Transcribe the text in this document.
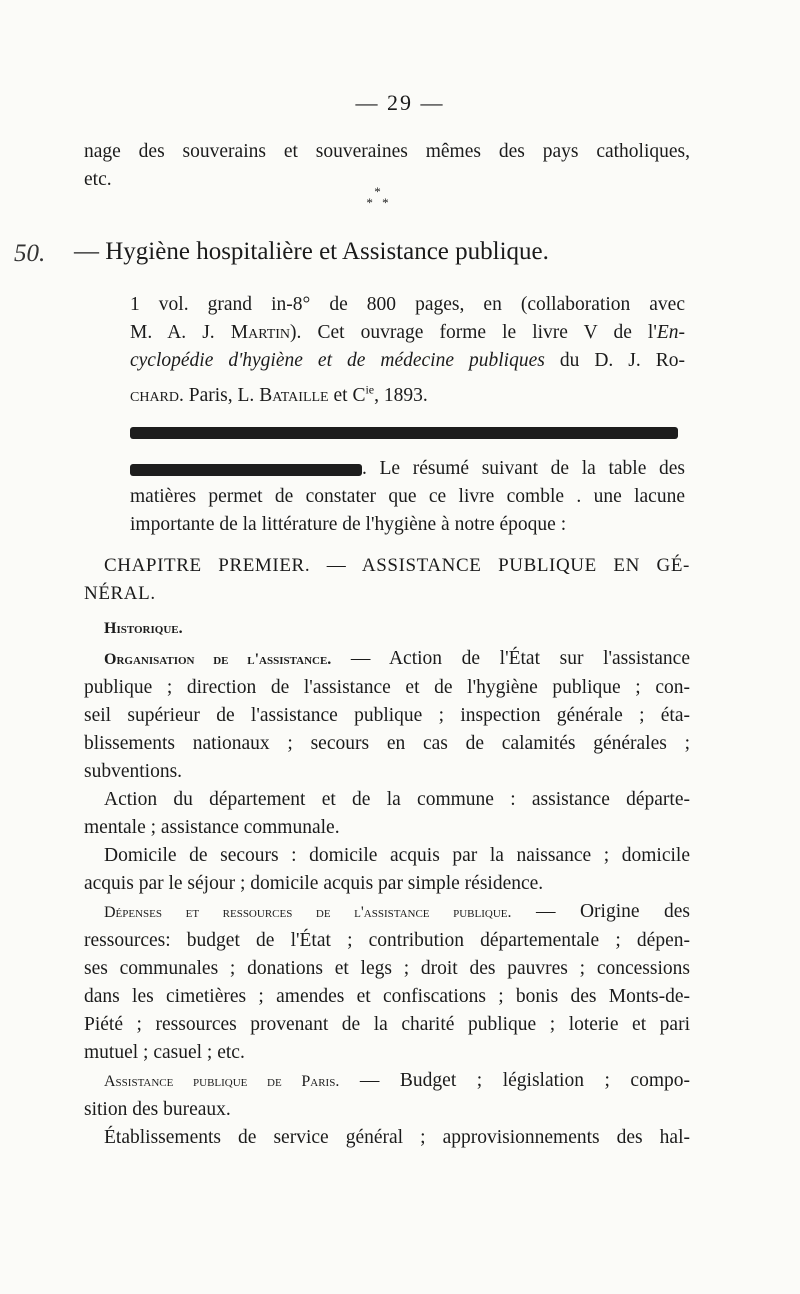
— 29 —
nage des souverains et souveraines mêmes des pays catholiques,
etc.
*
* *
50. — Hygiène hospitalière et Assistance publique.
1 vol. grand in-8° de 800 pages, en (collaboration avec
M. A. J. Martin). Cet ouvrage forme le livre V de l'En-
cyclopédie d'hygiène et de médecine publiques du D. J. Ro-
chard. Paris, L. Bataille et $C^{ie}$, 1893.
. Le résumé suivant de la table des
matières permet de constater que ce livre comble . une lacune
importante de la littérature de l'hygiène à notre époque :
CHAPITRE PREMIER. — ASSISTANCE PUBLIQUE EN GÉ-
NÉRAL.
Historique.
Organisation de l'assistance. — Action de l'État sur l'assistance
publique ; direction de l'assistance et de l'hygiène publique ; con-
seil supérieur de l'assistance publique ; inspection générale ; éta-
blissements nationaux ; secours en cas de calamités générales ;
subventions.
Action du département et de la commune : assistance départe-
mentale ; assistance communale.
Domicile de secours : domicile acquis par la naissance ; domicile
acquis par le séjour ; domicile acquis par simple résidence.
Dépenses et ressources de l'assistance publique. — Origine des
ressources: budget de l'État ; contribution départementale ; dépen-
ses communales ; donations et legs ; droit des pauvres ; concessions
dans les cimetières ; amendes et confiscations ; bonis des Monts-de-
Piété ; ressources provenant de la charité publique ; loterie et pari
mutuel ; casuel ; etc.
Assistance publique de Paris. — Budget ; législation ; compo-
sition des bureaux.
Établissements de service général ; approvisionnements des hal-
